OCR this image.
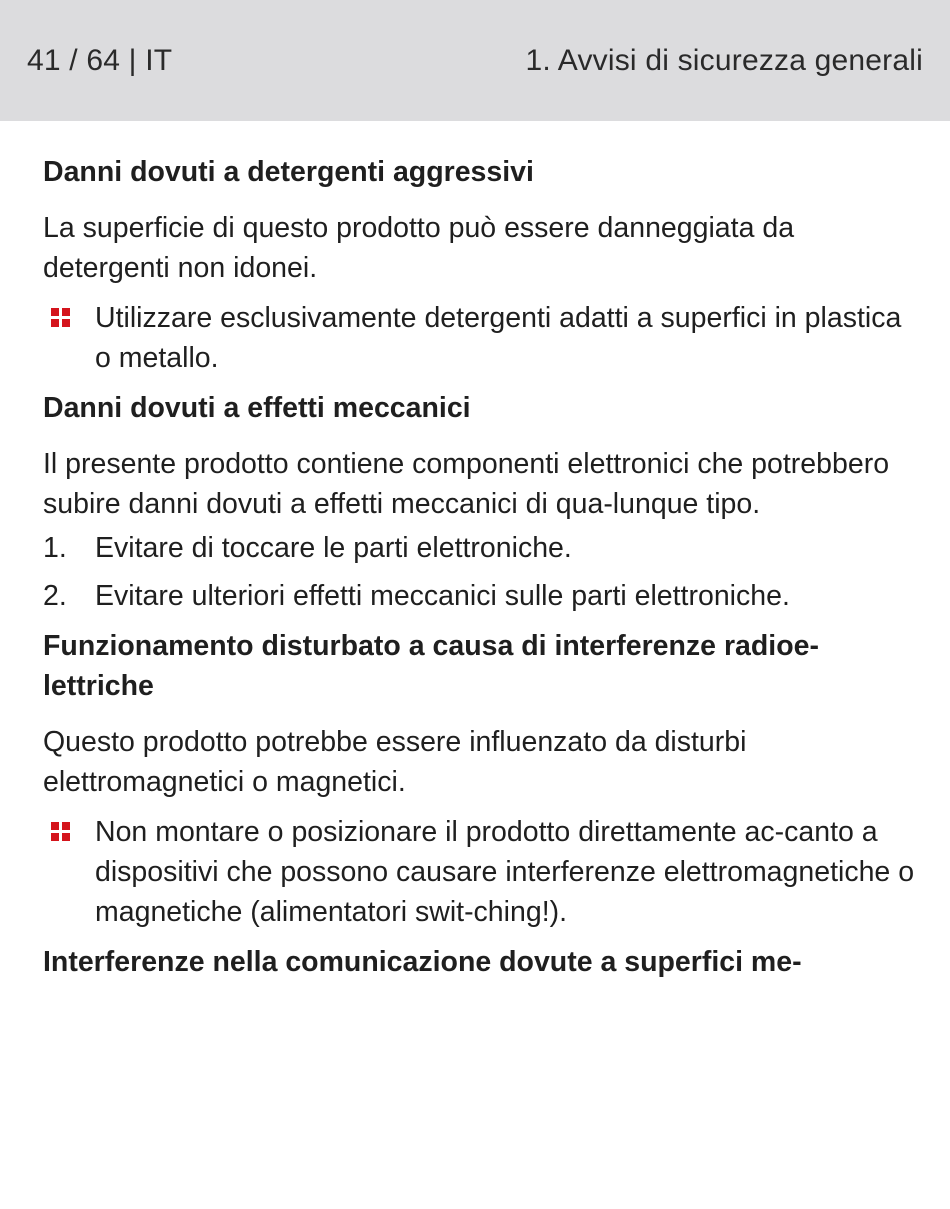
41 / 64 | IT	1. Avvisi di sicurezza generali
Danni dovuti a detergenti aggressivi
La superficie di questo prodotto può essere danneggiata da detergenti non idonei.
Utilizzare esclusivamente detergenti adatti a superfici in plastica o metallo.
Danni dovuti a effetti meccanici
Il presente prodotto contiene componenti elettronici che potrebbero subire danni dovuti a effetti meccanici di qua-lunque tipo.
1. Evitare di toccare le parti elettroniche.
2. Evitare ulteriori effetti meccanici sulle parti elettroniche.
Funzionamento disturbato a causa di interferenze radioe-lettriche
Questo prodotto potrebbe essere influenzato da disturbi elettromagnetici o magnetici.
Non montare o posizionare il prodotto direttamente ac-canto a dispositivi che possono causare interferenze elettromagnetiche o magnetiche (alimentatori swit-ching!).
Interferenze nella comunicazione dovute a superfici me-
